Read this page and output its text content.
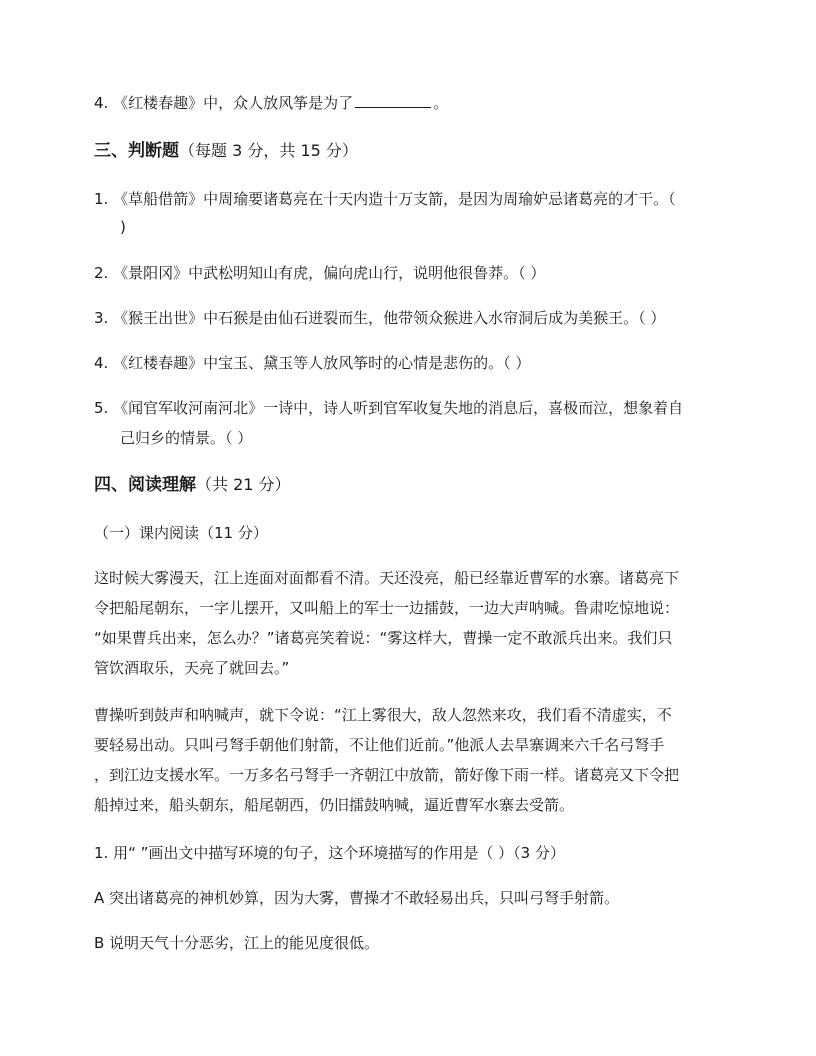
4. 《红楼春趣》中，众人放风筝是为了	。
三、判断题（每题 3 分，共 15 分）
1. 《草船借箭》中周瑜要诸葛亮在十天内造十万支箭，是因为周瑜妒忌诸葛亮的才干。（
)
2. 《景阳冈》中武松明知山有虎，偏向虎山行，说明他很鲁莽。（ ）
3. 《猴王出世》中石猴是由仙石迸裂而生，他带领众猴进入水帘洞后成为美猴王。（ ）
4. 《红楼春趣》中宝玉、黛玉等人放风筝时的心情是悲伤的。（ ）
5. 《闻官军收河南河北》一诗中，诗人听到官军收复失地的消息后，喜极而泣，想象着自
己归乡的情景。（ ）
四、阅读理解（共 21 分）
（一）课内阅读（11 分）
这时候大雾漫天，江上连面对面都看不清。天还没亮，船已经靠近曹军的水寨。诸葛亮下
令把船尾朝东，一字儿摆开，又叫船上的军士一边擂鼓，一边大声呐喊。鲁肃吃惊地说：
“如果曹兵出来，怎么办？”诸葛亮笑着说：“雾这样大，曹操一定不敢派兵出来。我们只
管饮酒取乐，天亮了就回去。”
曹操听到鼓声和呐喊声，就下令说：“江上雾很大，敌人忽然来攻，我们看不清虚实，不
要轻易出动。只叫弓弩手朝他们射箭，不让他们近前。”他派人去旱寨调来六千名弓弩手
，到江边支援水军。一万多名弓弩手一齐朝江中放箭，箭好像下雨一样。诸葛亮又下令把
船掉过来，船头朝东，船尾朝西，仍旧擂鼓呐喊，逼近曹军水寨去受箭。
1. 用“ ”画出文中描写环境的句子，这个环境描写的作用是（ ）（3 分）
A 突出诸葛亮的神机妙算，因为大雾，曹操才不敢轻易出兵，只叫弓弩手射箭。
B 说明天气十分恶劣，江上的能见度很低。
